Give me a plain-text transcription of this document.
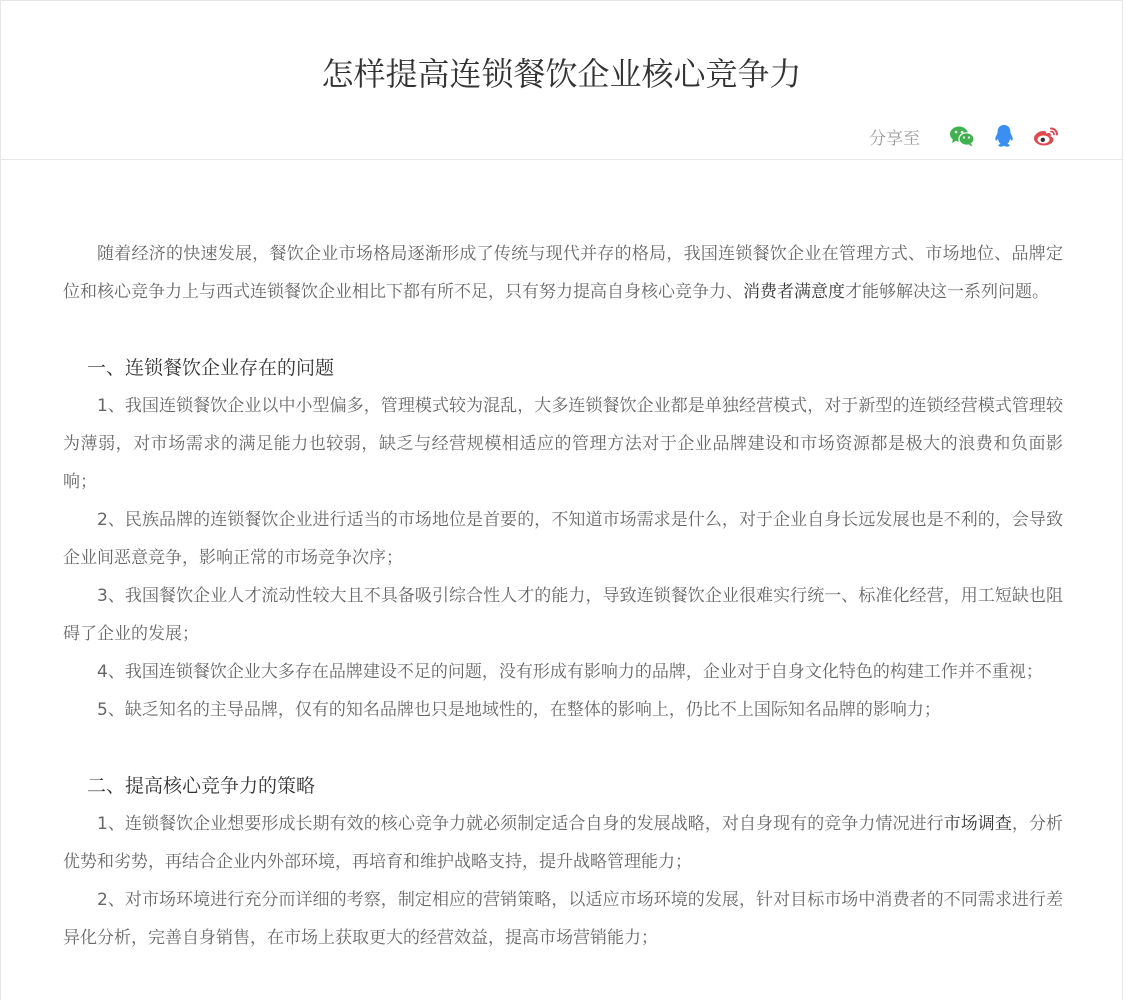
怎样提高连锁餐饮企业核心竞争力
分享至

随着经济的快速发展，餐饮企业市场格局逐渐形成了传统与现代并存的格局，我国连锁餐饮企业在管理方式、市场地位、品牌定位和核心竞争力上与西式连锁餐饮企业相比下都有所不足，只有努力提高自身核心竞争力、消费者满意度才能够解决这一系列问题。

一、连锁餐饮企业存在的问题

1、我国连锁餐饮企业以中小型偏多，管理模式较为混乱，大多连锁餐饮企业都是单独经营模式，对于新型的连锁经营模式管理较为薄弱，对市场需求的满足能力也较弱，缺乏与经营规模相适应的管理方法对于企业品牌建设和市场资源都是极大的浪费和负面影响；

2、民族品牌的连锁餐饮企业进行适当的市场地位是首要的，不知道市场需求是什么，对于企业自身长远发展也是不利的，会导致企业间恶意竞争，影响正常的市场竞争次序；

3、我国餐饮企业人才流动性较大且不具备吸引综合性人才的能力，导致连锁餐饮企业很难实行统一、标准化经营，用工短缺也阻碍了企业的发展；

4、我国连锁餐饮企业大多存在品牌建设不足的问题，没有形成有影响力的品牌，企业对于自身文化特色的构建工作并不重视；

5、缺乏知名的主导品牌，仅有的知名品牌也只是地域性的，在整体的影响上，仍比不上国际知名品牌的影响力；

二、提高核心竞争力的策略

1、连锁餐饮企业想要形成长期有效的核心竞争力就必须制定适合自身的发展战略，对自身现有的竞争力情况进行市场调查，分析优势和劣势，再结合企业内外部环境，再培育和维护战略支持，提升战略管理能力；

2、对市场环境进行充分而详细的考察，制定相应的营销策略，以适应市场环境的发展，针对目标市场中消费者的不同需求进行差异化分析，完善自身销售，在市场上获取更大的经营效益，提高市场营销能力；
